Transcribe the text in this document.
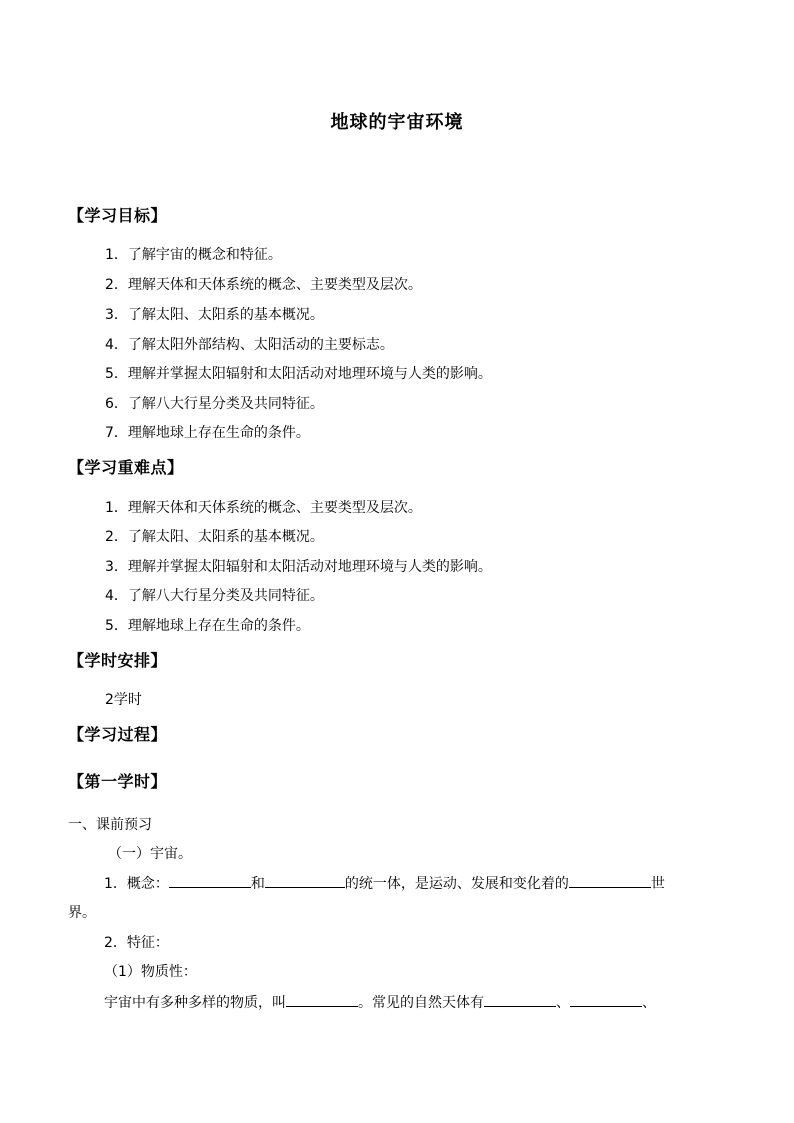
地球的宇宙环境
【学习目标】
1．了解宇宙的概念和特征。
2．理解天体和天体系统的概念、主要类型及层次。
3．了解太阳、太阳系的基本概况。
4．了解太阳外部结构、太阳活动的主要标志。
5．理解并掌握太阳辐射和太阳活动对地理环境与人类的影响。
6．了解八大行星分类及共同特征。
7．理解地球上存在生命的条件。
【学习重难点】
1．理解天体和天体系统的概念、主要类型及层次。
2．了解太阳、太阳系的基本概况。
3．理解并掌握太阳辐射和太阳活动对地理环境与人类的影响。
4．了解八大行星分类及共同特征。
5．理解地球上存在生命的条件。
【学时安排】
2学时
【学习过程】
【第一学时】
一、课前预习
（一）宇宙。
1．概念：	和	的统一体，是运动、发展和变化着的	世
界。
2．特征：
（1）物质性：
宇宙中有多种多样的物质，叫	。常见的自然天体有	、	、
